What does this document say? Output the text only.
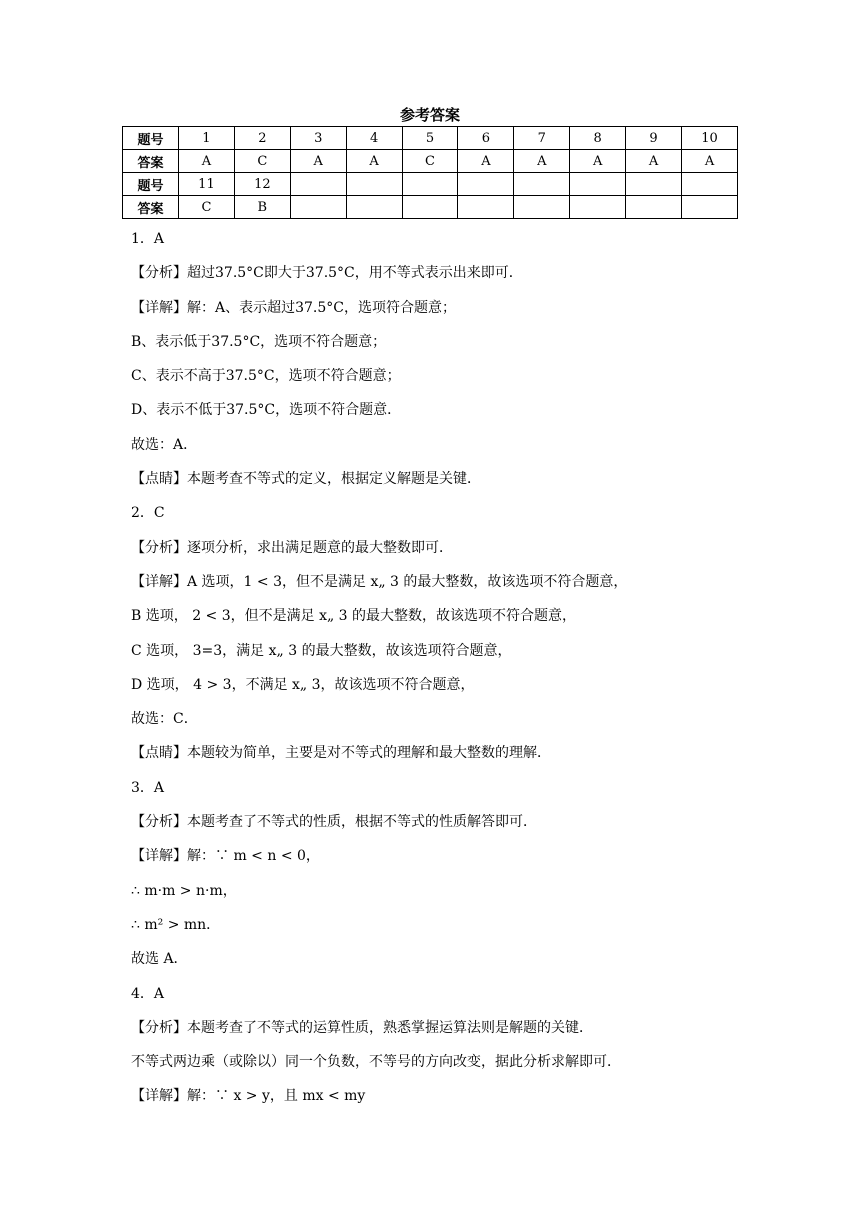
参考答案
题号	1	2	3	4	5	6	7	8	9	10
答案	A	C	A	A	C	A	A	A	A	A
题号	11	12								
答案	C	B								
1．A
【分析】超过37.5°C即大于37.5°C，用不等式表示出来即可．
【详解】解：A、表示超过37.5°C，选项符合题意；
B、表示低于37.5°C，选项不符合题意；
C、表示不高于37.5°C，选项不符合题意；
D、表示不低于37.5°C，选项不符合题意．
故选：A．
【点睛】本题考查不等式的定义，根据定义解题是关键．
2．C
【分析】逐项分析，求出满足题意的最大整数即可．
【详解】A 选项，1 < 3，但不是满足 x„ 3 的最大整数，故该选项不符合题意，
B 选项， 2 < 3，但不是满足 x„ 3 的最大整数，故该选项不符合题意，
C 选项， 3=3，满足 x„ 3 的最大整数，故该选项符合题意，
D 选项， 4 > 3，不满足 x„ 3，故该选项不符合题意，
故选：C．
【点睛】本题较为简单，主要是对不等式的理解和最大整数的理解．
3．A
【分析】本题考查了不等式的性质，根据不等式的性质解答即可．
【详解】解：∵ m < n < 0，
∴ m·m > n·m，
∴ m² > mn．
故选 A．
4．A
【分析】本题考查了不等式的运算性质，熟悉掌握运算法则是解题的关键．
不等式两边乘（或除以）同一个负数，不等号的方向改变，据此分析求解即可．
【详解】解：∵ x > y，且 mx < my
